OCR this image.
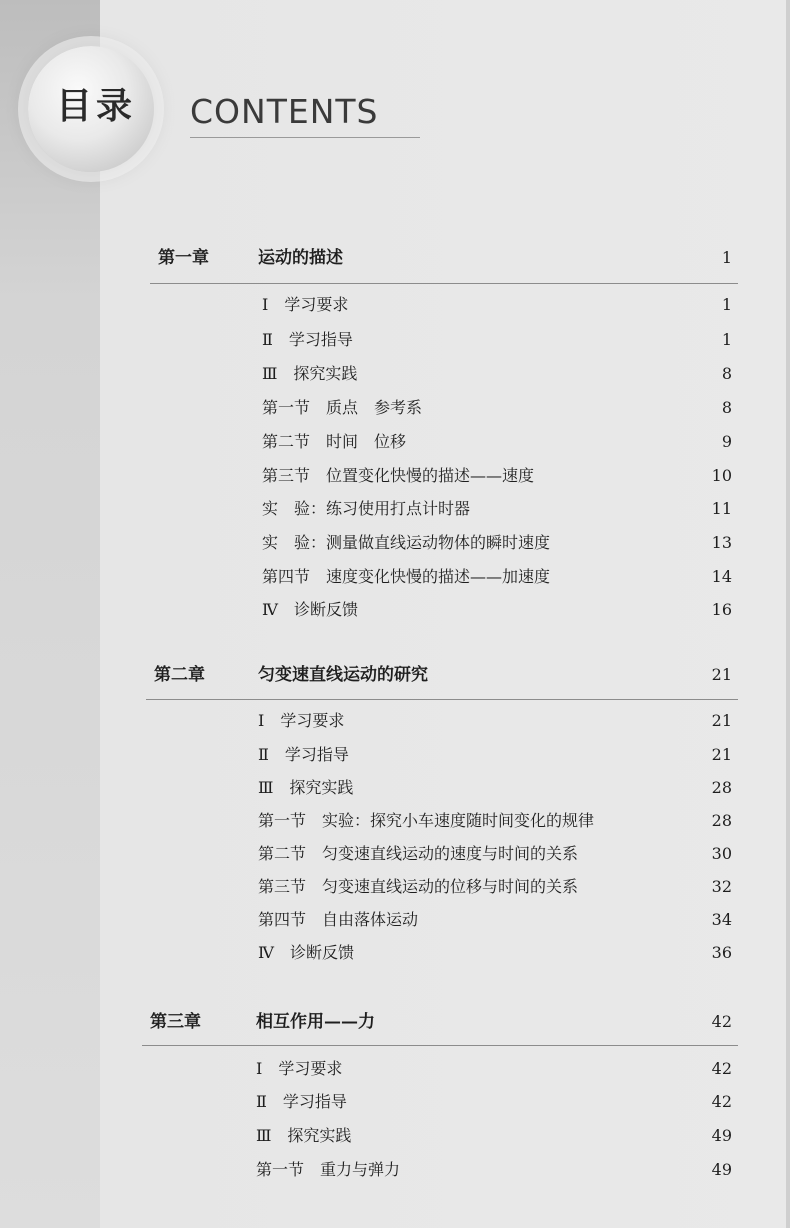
目录	CONTENTS
第一章	运动的描述	1
Ⅰ　学习要求	1
Ⅱ　学习指导	1
Ⅲ　探究实践	8
第一节　质点　参考系	8
第二节　时间　位移	9
第三节　位置变化快慢的描述——速度	10
实　验：练习使用打点计时器	11
实　验：测量做直线运动物体的瞬时速度	13
第四节　速度变化快慢的描述——加速度	14
Ⅳ　诊断反馈	16
第二章	匀变速直线运动的研究	21
Ⅰ　学习要求	21
Ⅱ　学习指导	21
Ⅲ　探究实践	28
第一节　实验：探究小车速度随时间变化的规律	28
第二节　匀变速直线运动的速度与时间的关系	30
第三节　匀变速直线运动的位移与时间的关系	32
第四节　自由落体运动	34
Ⅳ　诊断反馈	36
第三章	相互作用——力	42
Ⅰ　学习要求	42
Ⅱ　学习指导	42
Ⅲ　探究实践	49
第一节　重力与弹力	49
